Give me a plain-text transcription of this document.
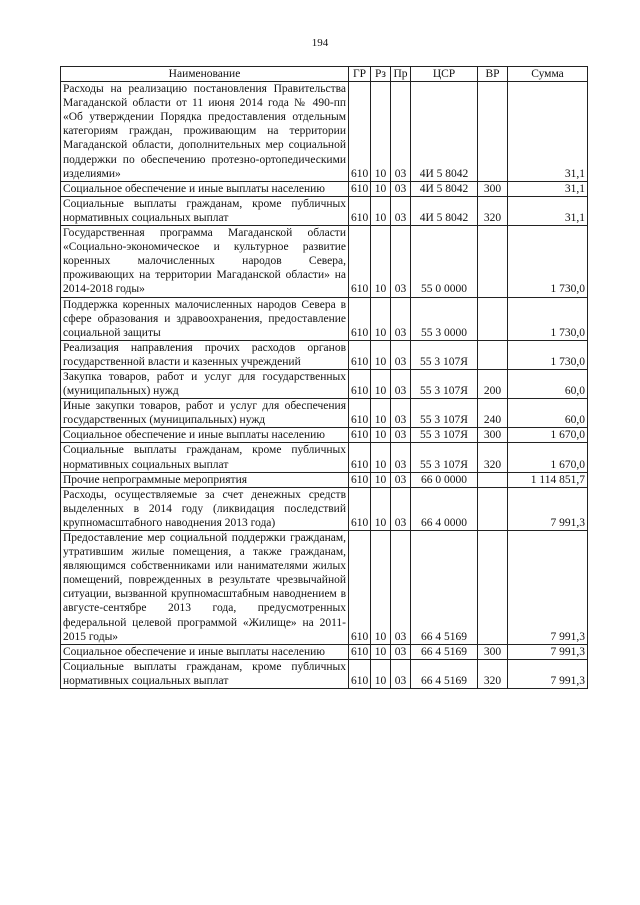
194
Наименование	ГР	Рз	Пр	ЦСР	ВР	Сумма
Расходы на реализацию постановления Правительства Магаданской области от 11 июня 2014 года № 490-пп «Об утверждении Порядка предоставления отдельным категориям граждан, проживающим на территории Магаданской области, дополнительных мер социальной поддержки по обеспечению протезно-ортопедическими изделиями»	610	10	03	4И 5 8042		31,1
Социальное обеспечение и иные выплаты населению	610	10	03	4И 5 8042	300	31,1
Социальные выплаты гражданам, кроме публичных нормативных социальных выплат	610	10	03	4И 5 8042	320	31,1
Государственная программа Магаданской области «Социально-экономическое и культурное развитие коренных малочисленных народов Севера, проживающих на территории Магаданской области» на 2014-2018 годы»	610	10	03	55 0 0000		1 730,0
Поддержка коренных малочисленных народов Севера в сфере образования и здравоохранения, предоставление социальной защиты	610	10	03	55 3 0000		1 730,0
Реализация направления прочих расходов органов государственной власти и казенных учреждений	610	10	03	55 3 107Я		1 730,0
Закупка товаров, работ и услуг для государственных (муниципальных) нужд	610	10	03	55 3 107Я	200	60,0
Иные закупки товаров, работ и услуг для обеспечения государственных (муниципальных) нужд	610	10	03	55 3 107Я	240	60,0
Социальное обеспечение и иные выплаты населению	610	10	03	55 3 107Я	300	1 670,0
Социальные выплаты гражданам, кроме публичных нормативных социальных выплат	610	10	03	55 3 107Я	320	1 670,0
Прочие непрограммные мероприятия	610	10	03	66 0 0000		1 114 851,7
Расходы, осуществляемые за счет денежных средств выделенных в 2014 году (ликвидация последствий крупномасштабного наводнения 2013 года)	610	10	03	66 4 0000		7 991,3
Предоставление мер социальной поддержки гражданам, утратившим жилые помещения, а также гражданам, являющимся собственниками или нанимателями жилых помещений, поврежденных в результате чрезвычайной ситуации, вызванной крупномасштабным наводнением в августе-сентябре 2013 года, предусмотренных федеральной целевой программой «Жилище» на 2011-2015 годы»	610	10	03	66 4 5169		7 991,3
Социальное обеспечение и иные выплаты населению	610	10	03	66 4 5169	300	7 991,3
Социальные выплаты гражданам, кроме публичных нормативных социальных выплат	610	10	03	66 4 5169	320	7 991,3
